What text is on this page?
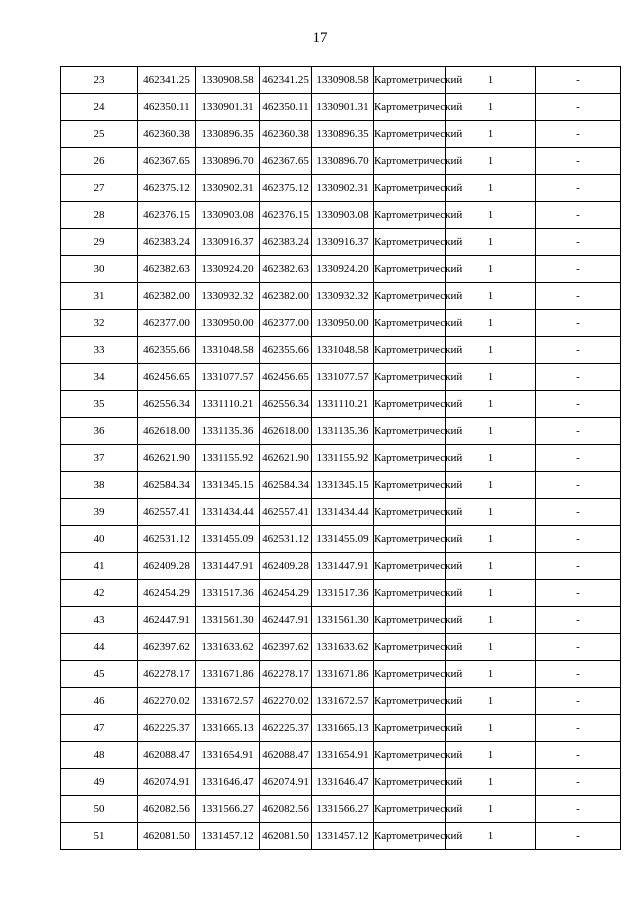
17
23	462341.25	1330908.58	462341.25	1330908.58	Картометрический	1	-
24	462350.11	1330901.31	462350.11	1330901.31	Картометрический	1	-
25	462360.38	1330896.35	462360.38	1330896.35	Картометрический	1	-
26	462367.65	1330896.70	462367.65	1330896.70	Картометрический	1	-
27	462375.12	1330902.31	462375.12	1330902.31	Картометрический	1	-
28	462376.15	1330903.08	462376.15	1330903.08	Картометрический	1	-
29	462383.24	1330916.37	462383.24	1330916.37	Картометрический	1	-
30	462382.63	1330924.20	462382.63	1330924.20	Картометрический	1	-
31	462382.00	1330932.32	462382.00	1330932.32	Картометрический	1	-
32	462377.00	1330950.00	462377.00	1330950.00	Картометрический	1	-
33	462355.66	1331048.58	462355.66	1331048.58	Картометрический	1	-
34	462456.65	1331077.57	462456.65	1331077.57	Картометрический	1	-
35	462556.34	1331110.21	462556.34	1331110.21	Картометрический	1	-
36	462618.00	1331135.36	462618.00	1331135.36	Картометрический	1	-
37	462621.90	1331155.92	462621.90	1331155.92	Картометрический	1	-
38	462584.34	1331345.15	462584.34	1331345.15	Картометрический	1	-
39	462557.41	1331434.44	462557.41	1331434.44	Картометрический	1	-
40	462531.12	1331455.09	462531.12	1331455.09	Картометрический	1	-
41	462409.28	1331447.91	462409.28	1331447.91	Картометрический	1	-
42	462454.29	1331517.36	462454.29	1331517.36	Картометрический	1	-
43	462447.91	1331561.30	462447.91	1331561.30	Картометрический	1	-
44	462397.62	1331633.62	462397.62	1331633.62	Картометрический	1	-
45	462278.17	1331671.86	462278.17	1331671.86	Картометрический	1	-
46	462270.02	1331672.57	462270.02	1331672.57	Картометрический	1	-
47	462225.37	1331665.13	462225.37	1331665.13	Картометрический	1	-
48	462088.47	1331654.91	462088.47	1331654.91	Картометрический	1	-
49	462074.91	1331646.47	462074.91	1331646.47	Картометрический	1	-
50	462082.56	1331566.27	462082.56	1331566.27	Картометрический	1	-
51	462081.50	1331457.12	462081.50	1331457.12	Картометрический	1	-
